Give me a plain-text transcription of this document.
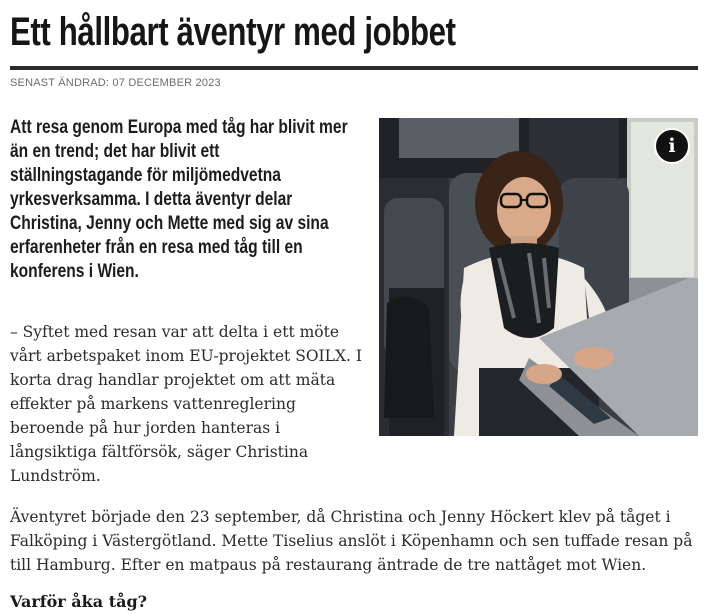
Ett hållbart äventyr med jobbet
SENAST ÄNDRAD: 07 DECEMBER 2023
Att resa genom Europa med tåg har blivit mer än en trend; det har blivit ett ställningstagande för miljömedvetna yrkesverksamma. I detta äventyr delar Christina, Jenny och Mette med sig av sina erfarenheter från en resa med tåg till en konferens i Wien.
i

– Syftet med resan var att delta i ett möte vårt arbetspaket inom EU-projektet SOILX. I korta drag handlar projektet om att mäta effekter på markens vattenreglering beroende på hur jorden hanteras i långsiktiga fältförsök, säger Christina Lundström.

Äventyret började den 23 september, då Christina och Jenny Höckert klev på tåget i Falköping i Västergötland. Mette Tiselius anslöt i Köpenhamn och sen tuffade resan på till Hamburg. Efter en matpaus på restaurang äntrade de tre nattåget mot Wien.

Varför åka tåg?
